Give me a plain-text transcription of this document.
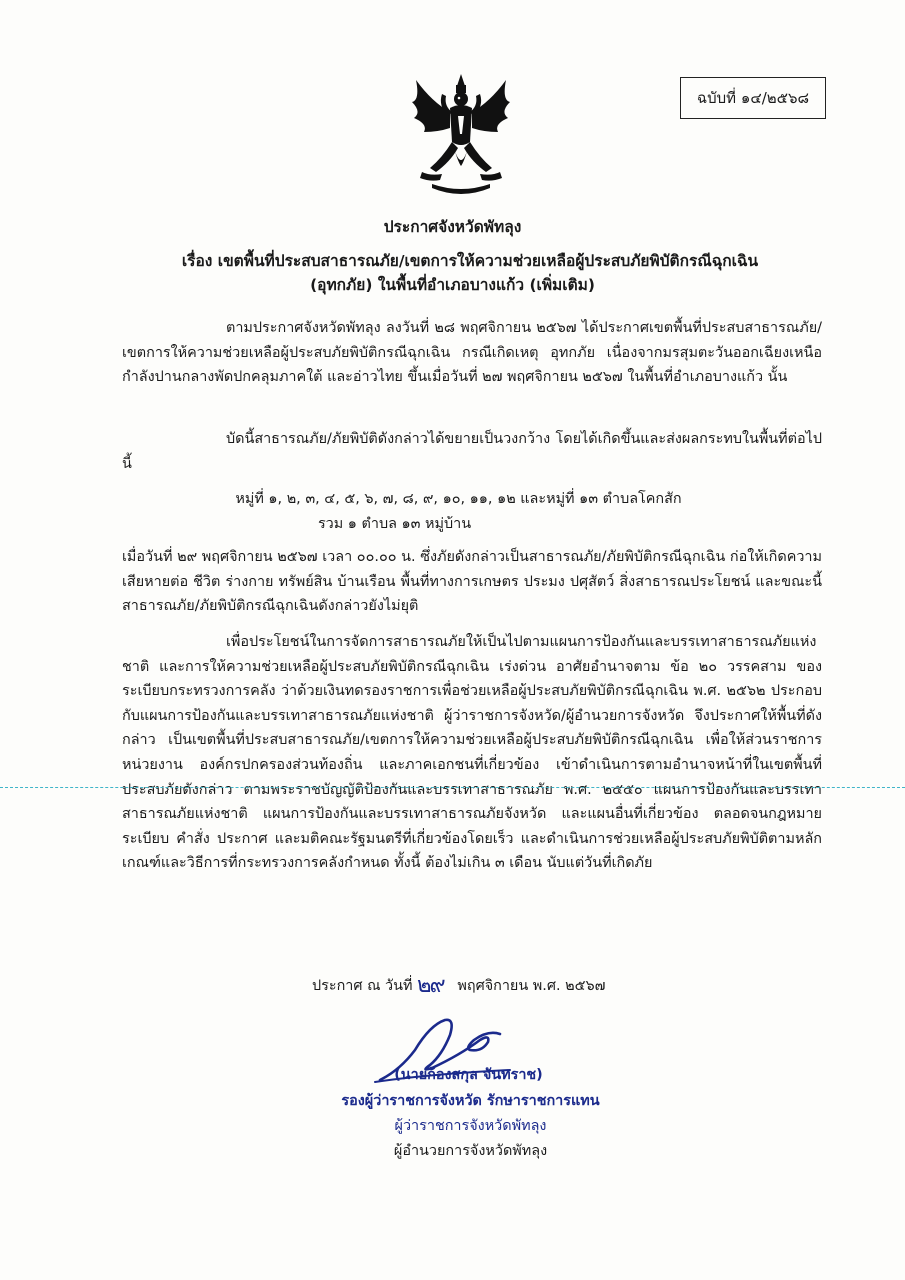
ฉบับที่ ๑๔/๒๕๖๘
ประกาศจังหวัดพัทลุง
เรื่อง เขตพื้นที่ประสบสาธารณภัย/เขตการให้ความช่วยเหลือผู้ประสบภัยพิบัติกรณีฉุกเฉิน
(อุทกภัย) ในพื้นที่อำเภอบางแก้ว (เพิ่มเติม)
ตามประกาศจังหวัดพัทลุง ลงวันที่ ๒๘ พฤศจิกายน ๒๕๖๗ ได้ประกาศเขตพื้นที่ประสบสาธารณภัย/เขตการให้ความช่วยเหลือผู้ประสบภัยพิบัติกรณีฉุกเฉิน กรณีเกิดเหตุ อุทกภัย เนื่องจากมรสุมตะวันออกเฉียงเหนือกำลังปานกลางพัดปกคลุมภาคใต้ และอ่าวไทย ขึ้นเมื่อวันที่ ๒๗ พฤศจิกายน ๒๕๖๗ ในพื้นที่อำเภอบางแก้ว นั้น
บัดนี้สาธารณภัย/ภัยพิบัติดังกล่าวได้ขยายเป็นวงกว้าง โดยได้เกิดขึ้นและส่งผลกระทบในพื้นที่ต่อไปนี้
หมู่ที่ ๑, ๒, ๓, ๔, ๕, ๖, ๗, ๘, ๙, ๑๐, ๑๑, ๑๒ และหมู่ที่ ๑๓ ตำบลโคกสัก
รวม ๑ ตำบล ๑๓ หมู่บ้าน
เมื่อวันที่ ๒๙ พฤศจิกายน ๒๕๖๗ เวลา ๐๐.๐๐ น. ซึ่งภัยดังกล่าวเป็นสาธารณภัย/ภัยพิบัติกรณีฉุกเฉิน ก่อให้เกิดความเสียหายต่อ ชีวิต ร่างกาย ทรัพย์สิน บ้านเรือน พื้นที่ทางการเกษตร ประมง ปศุสัตว์ สิ่งสาธารณประโยชน์ และขณะนี้สาธารณภัย/ภัยพิบัติกรณีฉุกเฉินดังกล่าวยังไม่ยุติ
เพื่อประโยชน์ในการจัดการสาธารณภัยให้เป็นไปตามแผนการป้องกันและบรรเทาสาธารณภัยแห่งชาติ และการให้ความช่วยเหลือผู้ประสบภัยพิบัติกรณีฉุกเฉิน เร่งด่วน อาศัยอำนาจตาม ข้อ ๒๐ วรรคสาม ของระเบียบกระทรวงการคลัง ว่าด้วยเงินทดรองราชการเพื่อช่วยเหลือผู้ประสบภัยพิบัติกรณีฉุกเฉิน พ.ศ. ๒๕๖๒ ประกอบกับแผนการป้องกันและบรรเทาสาธารณภัยแห่งชาติ ผู้ว่าราชการจังหวัด/ผู้อำนวยการจังหวัด จึงประกาศให้พื้นที่ดังกล่าว เป็นเขตพื้นที่ประสบสาธารณภัย/เขตการให้ความช่วยเหลือผู้ประสบภัยพิบัติกรณีฉุกเฉิน เพื่อให้ส่วนราชการ หน่วยงาน องค์กรปกครองส่วนท้องถิ่น และภาคเอกชนที่เกี่ยวข้อง เข้าดำเนินการตามอำนาจหน้าที่ในเขตพื้นที่ประสบภัยดังกล่าว ตามพระราชบัญญัติป้องกันและบรรเทาสาธารณภัย พ.ศ. ๒๕๕๐ แผนการป้องกันและบรรเทาสาธารณภัยแห่งชาติ แผนการป้องกันและบรรเทาสาธารณภัยจังหวัด และแผนอื่นที่เกี่ยวข้อง ตลอดจนกฎหมาย ระเบียบ คำสั่ง ประกาศ และมติคณะรัฐมนตรีที่เกี่ยวข้องโดยเร็ว และดำเนินการช่วยเหลือผู้ประสบภัยพิบัติตามหลักเกณฑ์และวิธีการที่กระทรวงการคลังกำหนด ทั้งนี้ ต้องไม่เกิน ๓ เดือน นับแต่วันที่เกิดภัย
ประกาศ ณ วันที่ ๒๙ พฤศจิกายน พ.ศ. ๒๕๖๗
(นายก้องสกุล จันทราช)
รองผู้ว่าราชการจังหวัด รักษาราชการแทน
ผู้ว่าราชการจังหวัดพัทลุง
ผู้อำนวยการจังหวัดพัทลุง
